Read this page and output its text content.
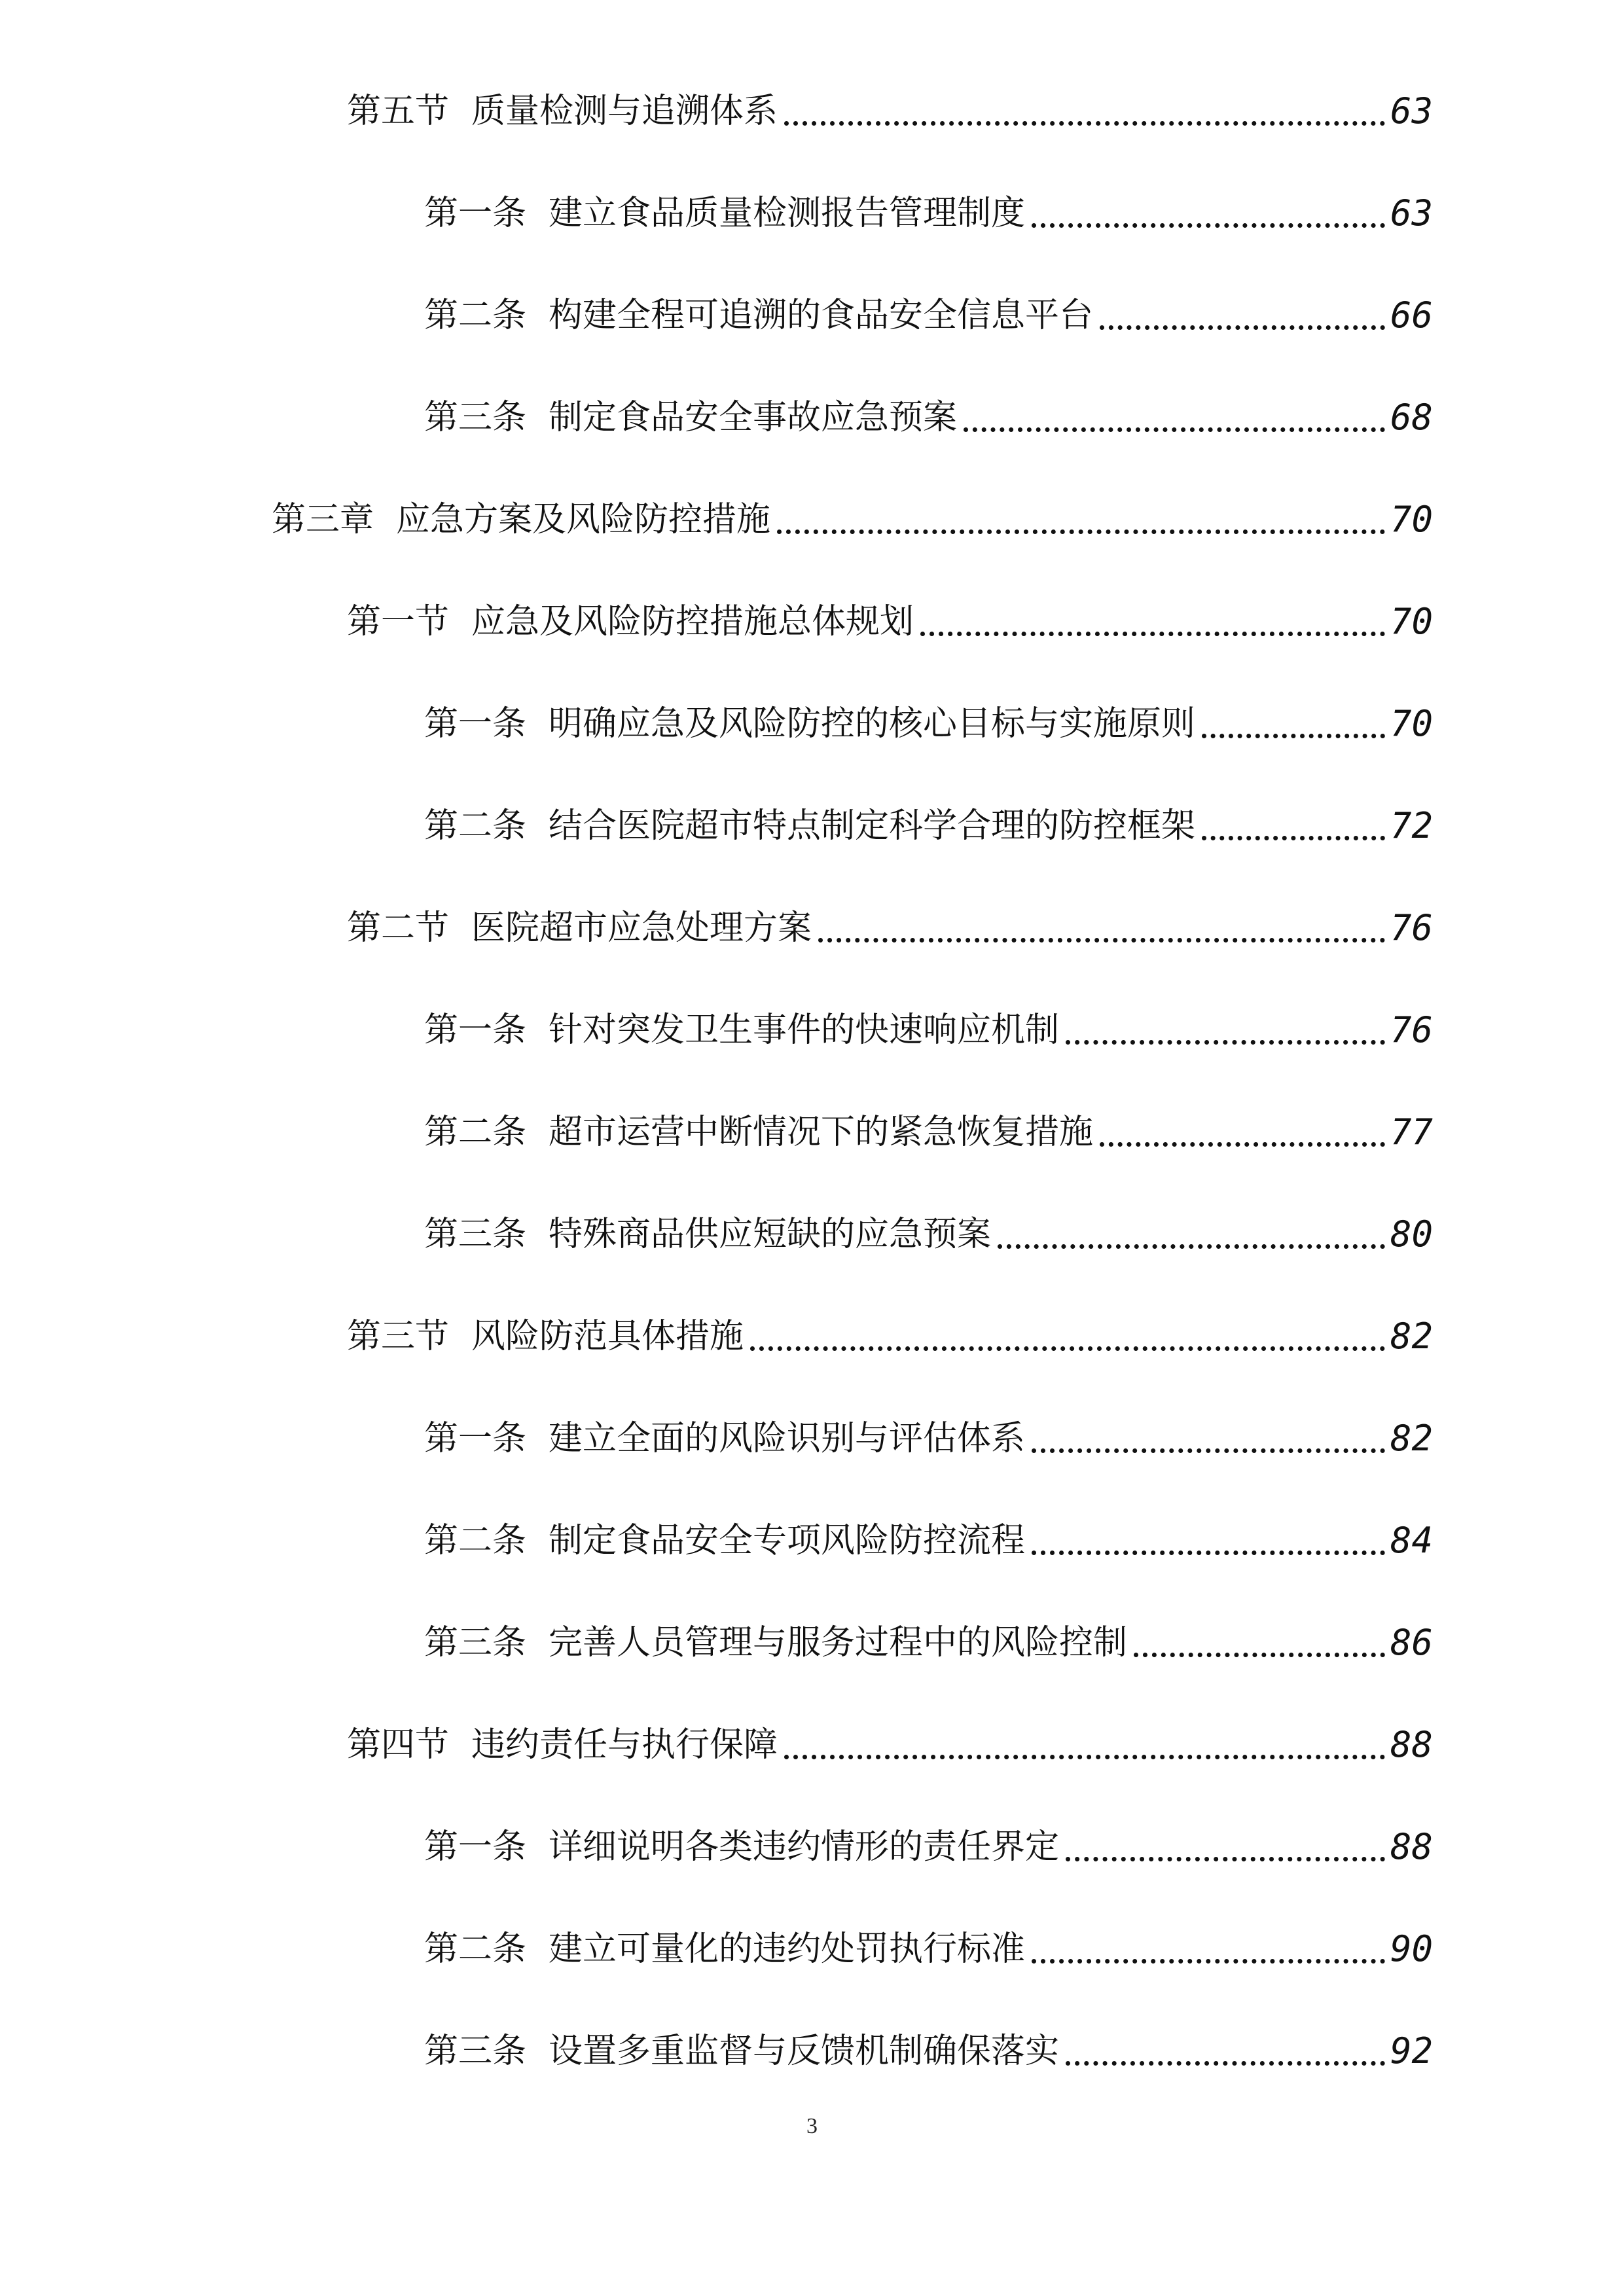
第五节 质量检测与追溯体系	63
第一条 建立食品质量检测报告管理制度	63
第二条 构建全程可追溯的食品安全信息平台	66
第三条 制定食品安全事故应急预案	68
第三章 应急方案及风险防控措施	70
第一节 应急及风险防控措施总体规划	70
第一条 明确应急及风险防控的核心目标与实施原则	70
第二条 结合医院超市特点制定科学合理的防控框架	72
第二节 医院超市应急处理方案	76
第一条 针对突发卫生事件的快速响应机制	76
第二条 超市运营中断情况下的紧急恢复措施	77
第三条 特殊商品供应短缺的应急预案	80
第三节 风险防范具体措施	82
第一条 建立全面的风险识别与评估体系	82
第二条 制定食品安全专项风险防控流程	84
第三条 完善人员管理与服务过程中的风险控制	86
第四节 违约责任与执行保障	88
第一条 详细说明各类违约情形的责任界定	88
第二条 建立可量化的违约处罚执行标准	90
第三条 设置多重监督与反馈机制确保落实	92
3
